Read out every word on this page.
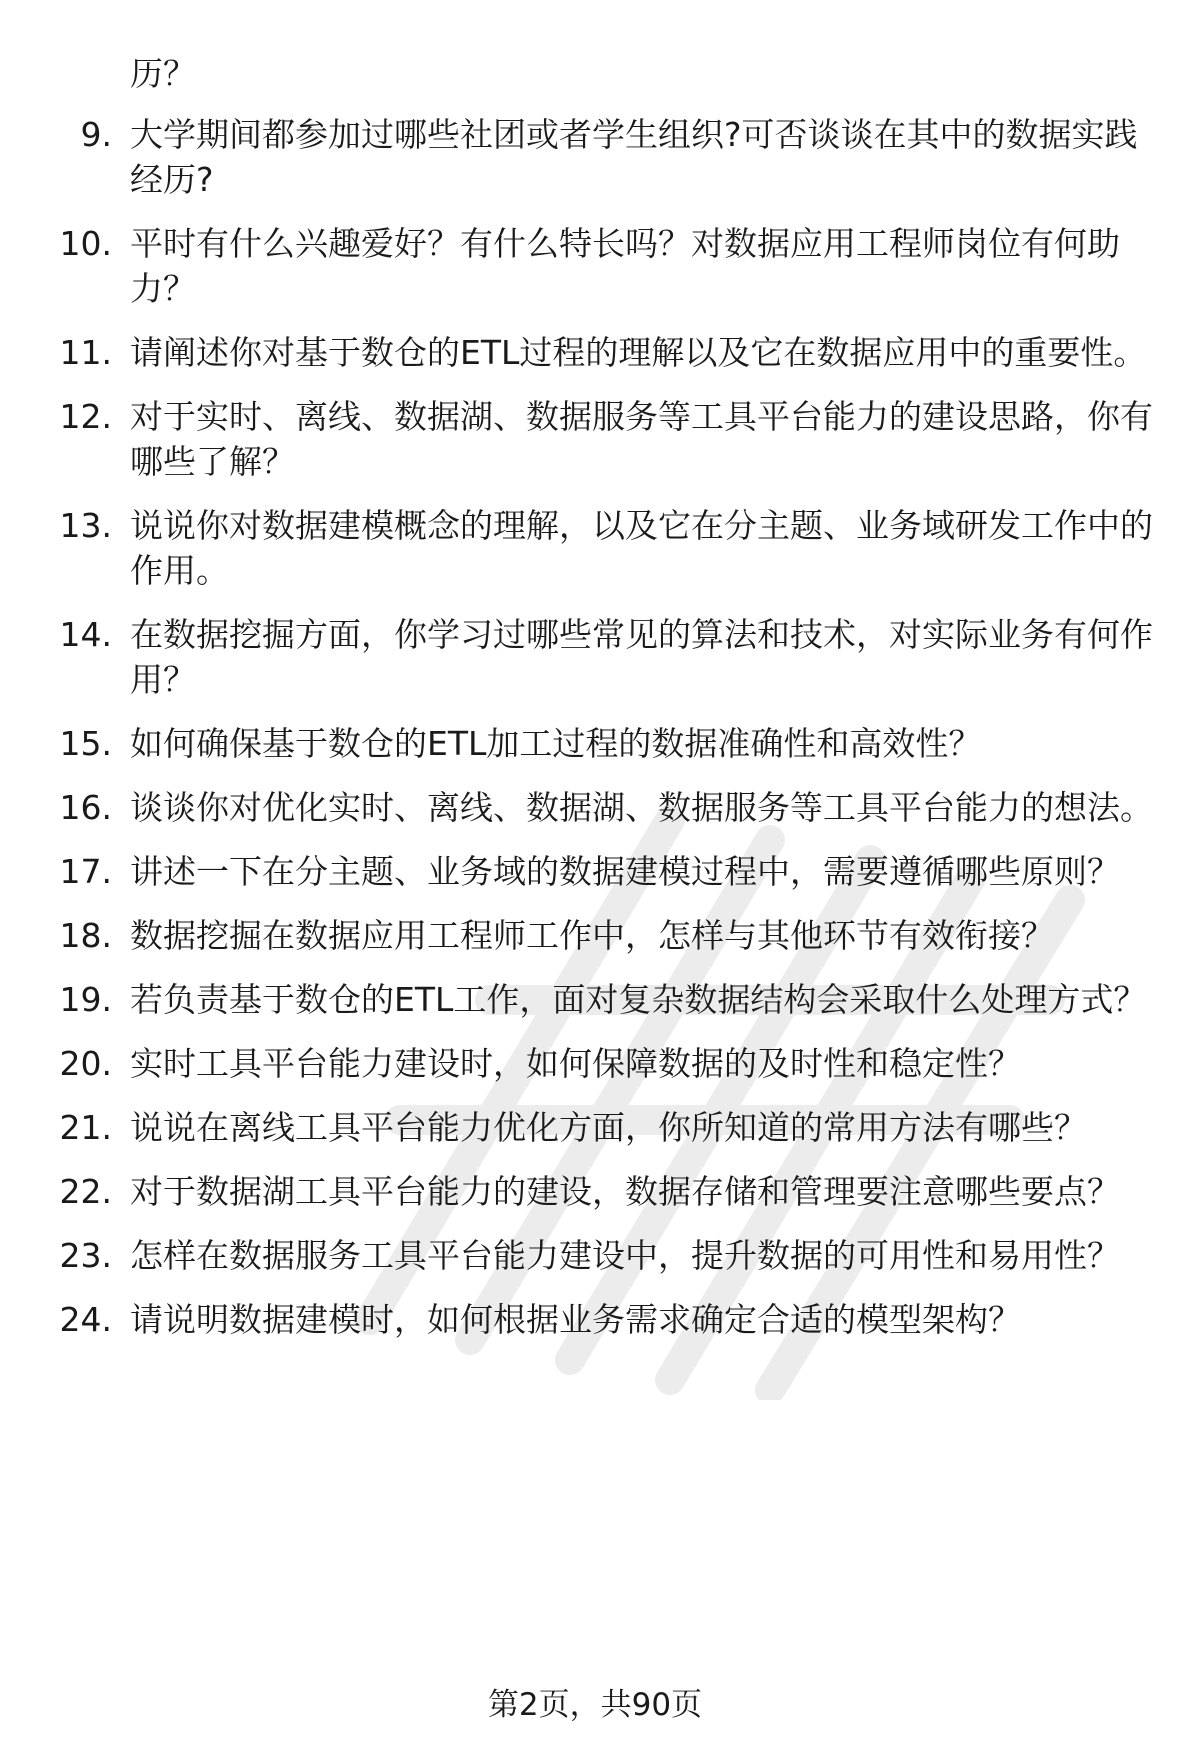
历？
9. 大学期间都参加过哪些社团或者学生组织?可否谈谈在其中的数据实践经历?
10. 平时有什么兴趣爱好？有什么特长吗？对数据应用工程师岗位有何助力？
11. 请阐述你对基于数仓的ETL过程的理解以及它在数据应用中的重要性。
12. 对于实时、离线、数据湖、数据服务等工具平台能力的建设思路，你有哪些了解？
13. 说说你对数据建模概念的理解，以及它在分主题、业务域研发工作中的作用。
14. 在数据挖掘方面，你学习过哪些常见的算法和技术，对实际业务有何作用？
15. 如何确保基于数仓的ETL加工过程的数据准确性和高效性？
16. 谈谈你对优化实时、离线、数据湖、数据服务等工具平台能力的想法。
17. 讲述一下在分主题、业务域的数据建模过程中，需要遵循哪些原则？
18. 数据挖掘在数据应用工程师工作中，怎样与其他环节有效衔接？
19. 若负责基于数仓的ETL工作，面对复杂数据结构会采取什么处理方式？
20. 实时工具平台能力建设时，如何保障数据的及时性和稳定性？
21. 说说在离线工具平台能力优化方面，你所知道的常用方法有哪些？
22. 对于数据湖工具平台能力的建设，数据存储和管理要注意哪些要点？
23. 怎样在数据服务工具平台能力建设中，提升数据的可用性和易用性？
24. 请说明数据建模时，如何根据业务需求确定合适的模型架构？
第2页，共90页
